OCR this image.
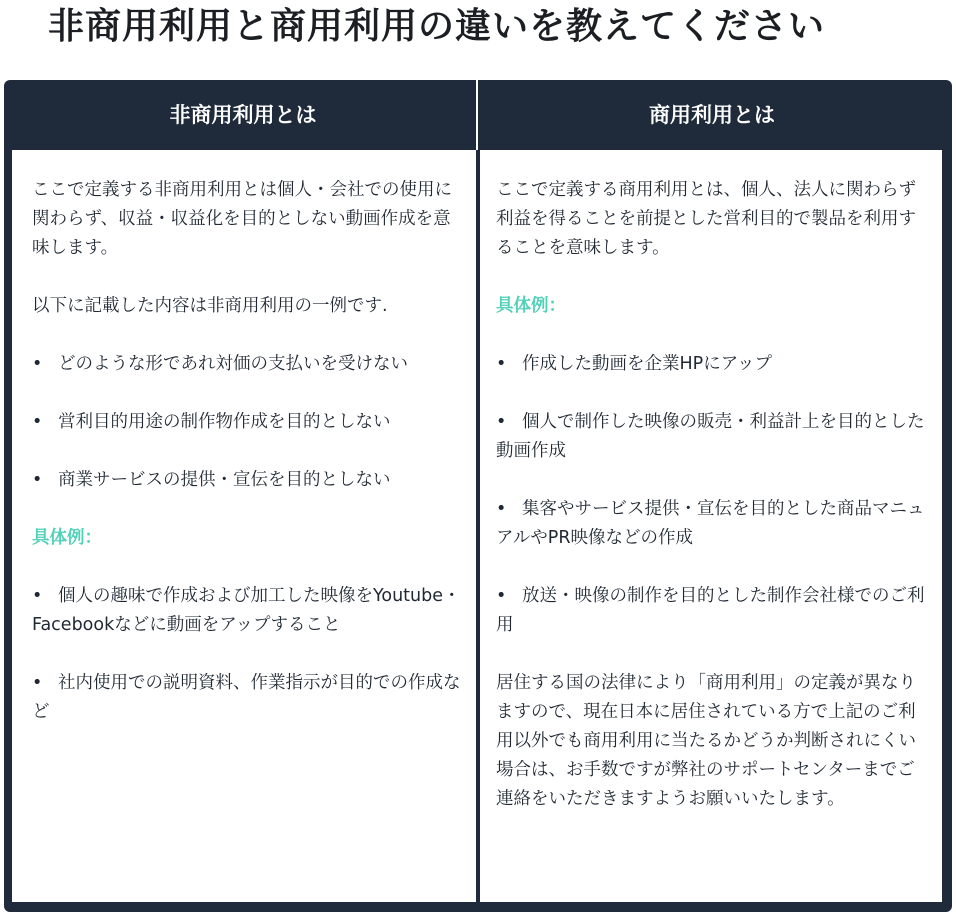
非商用利用と商用利用の違いを教えてください
非商用利用とは	商用利用とは

ここで定義する非商用利用とは個人・会社での使用に関わらず、収益・収益化を目的としない動画作成を意味します。

以下に記載した内容は非商用利用の一例です.

• どのような形であれ対価の支払いを受けない
• 営利目的用途の制作物作成を目的としない
• 商業サービスの提供・宣伝を目的としない

具体例：

• 個人の趣味で作成および加工した映像をYoutube・Facebookなどに動画をアップすること
• 社内使用での説明資料、作業指示が目的での作成など

ここで定義する商用利用とは、個人、法人に関わらず利益を得ることを前提とした営利目的で製品を利用することを意味します。

具体例：

• 作成した動画を企業HPにアップ
• 個人で制作した映像の販売・利益計上を目的とした動画作成
• 集客やサービス提供・宣伝を目的とした商品マニュアルやPR映像などの作成
• 放送・映像の制作を目的とした制作会社様でのご利用

居住する国の法律により「商用利用」の定義が異なりますので、現在日本に居住されている方で上記のご利用以外でも商用利用に当たるかどうか判断されにくい場合は、お手数ですが弊社のサポートセンターまでご連絡をいただきますようお願いいたします。
